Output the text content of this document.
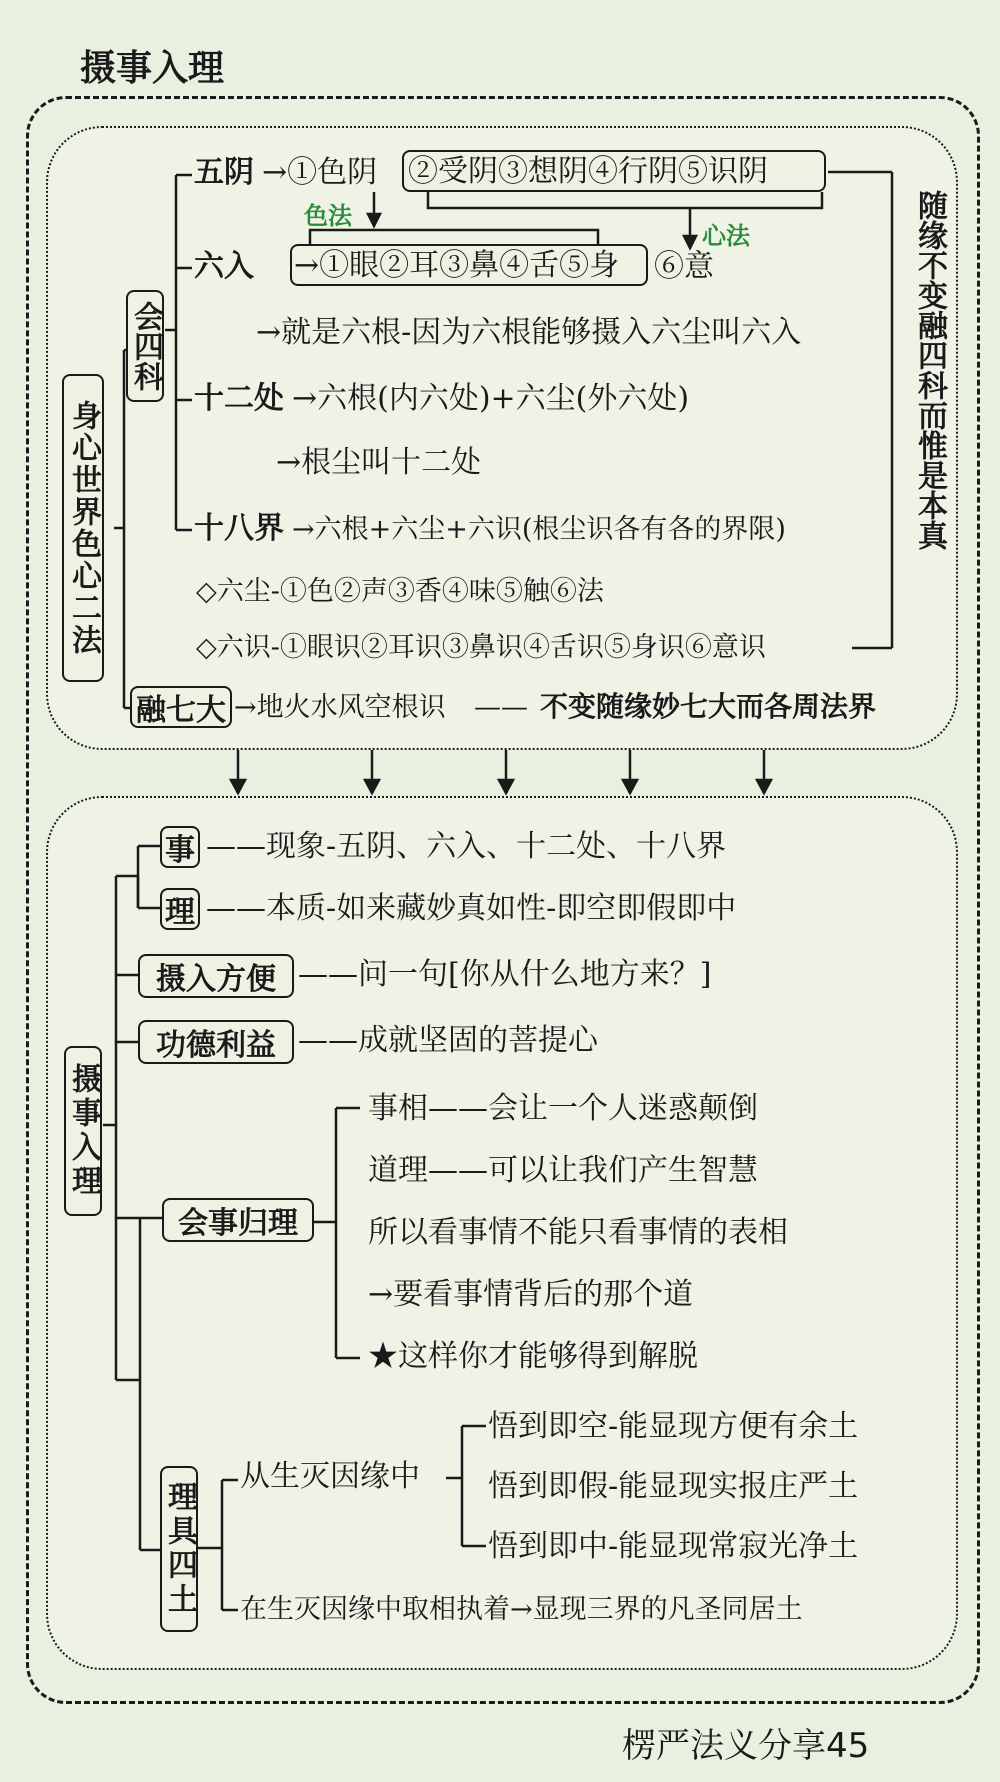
摄事入理
身心世界色心二法
会四科
五阴 →①色阴 ②受阴③想阴④行阴⑤识阴
色法
心法
六入 →①眼②耳③鼻④舌⑤身	⑥意
→就是六根-因为六根能够摄入六尘叫六入
十二处 →六根(内六处)+六尘(外六处)
→根尘叫十二处
十八界 →六根+六尘+六识(根尘识各有各的界限)
◇六尘-①色②声③香④味⑤触⑥法
◇六识-①眼识②耳识③鼻识④舌识⑤身识⑥意识
融七大 →地火水风空根识 —— 不变随缘妙七大而各周法界
随缘不变融四科而惟是本真
摄事入理
事 ——现象-五阴、六入、十二处、十八界
理 ——本质-如来藏妙真如性-即空即假即中
摄入方便 ——问一句[你从什么地方来？]
功德利益 ——成就坚固的菩提心
会事归理
事相——会让一个人迷惑颠倒
道理——可以让我们产生智慧
所以看事情不能只看事情的表相
→要看事情背后的那个道
★这样你才能够得到解脱
理具四土
从生灭因缘中
悟到即空-能显现方便有余土
悟到即假-能显现实报庄严土
悟到即中-能显现常寂光净土
在生灭因缘中取相执着→显现三界的凡圣同居土
楞严法义分享45
